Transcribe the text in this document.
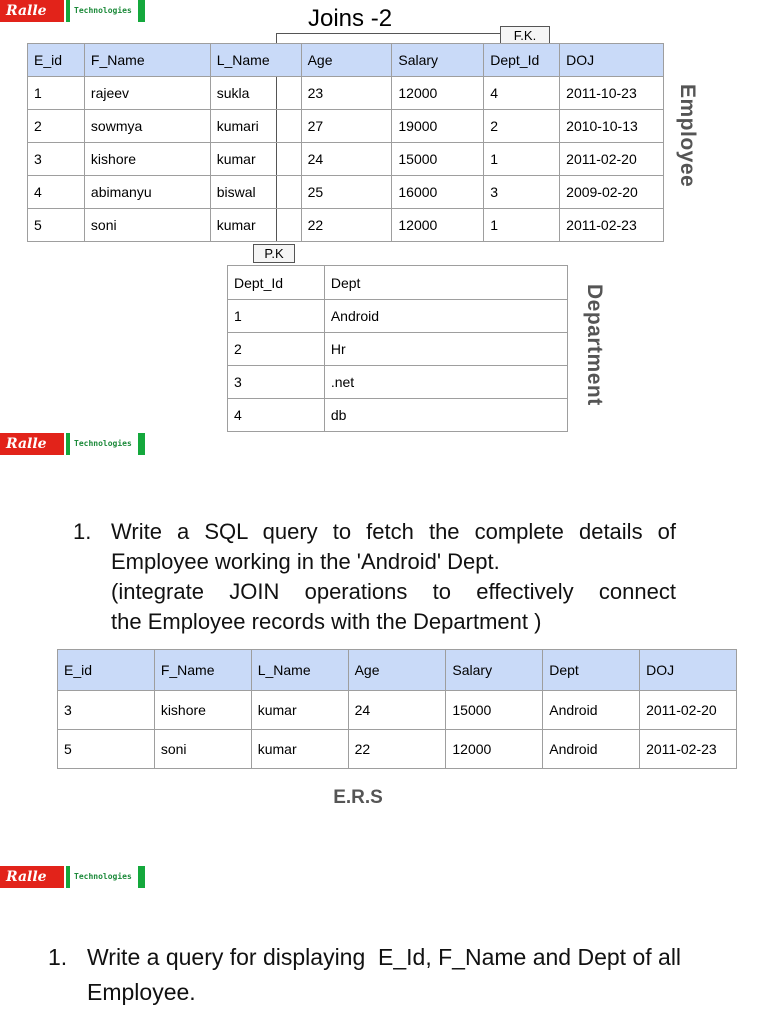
Ralle	Technologies
Ralle	Technologies
Ralle	Technologies
Joins -2
F.K.
P.K
E_id	F_Name	L_Name	Age	Salary	Dept_Id	DOJ
1	rajeev	sukla	23	12000	4	2011-10-23
2	sowmya	kumari	27	19000	2	2010-10-13
3	kishore	kumar	24	15000	1	2011-02-20
4	abimanyu	biswal	25	16000	3	2009-02-20
5	soni	kumar	22	12000	1	2011-02-23
Employee
Dept_Id	Dept
1	Android
2	Hr
3	.net
4	db
Department
1. Write a SQL query to fetch the complete details of
Employee working in the 'Android' Dept.
(integrate JOIN operations to effectively connect
the Employee records with the Department )
E_id	F_Name	L_Name	Age	Salary	Dept	DOJ
3	kishore	kumar	24	15000	Android	2011-02-20
5	soni	kumar	22	12000	Android	2011-02-23
E.R.S
1. Write a query for displaying  E_Id, F_Name and Dept of all
Employee.
